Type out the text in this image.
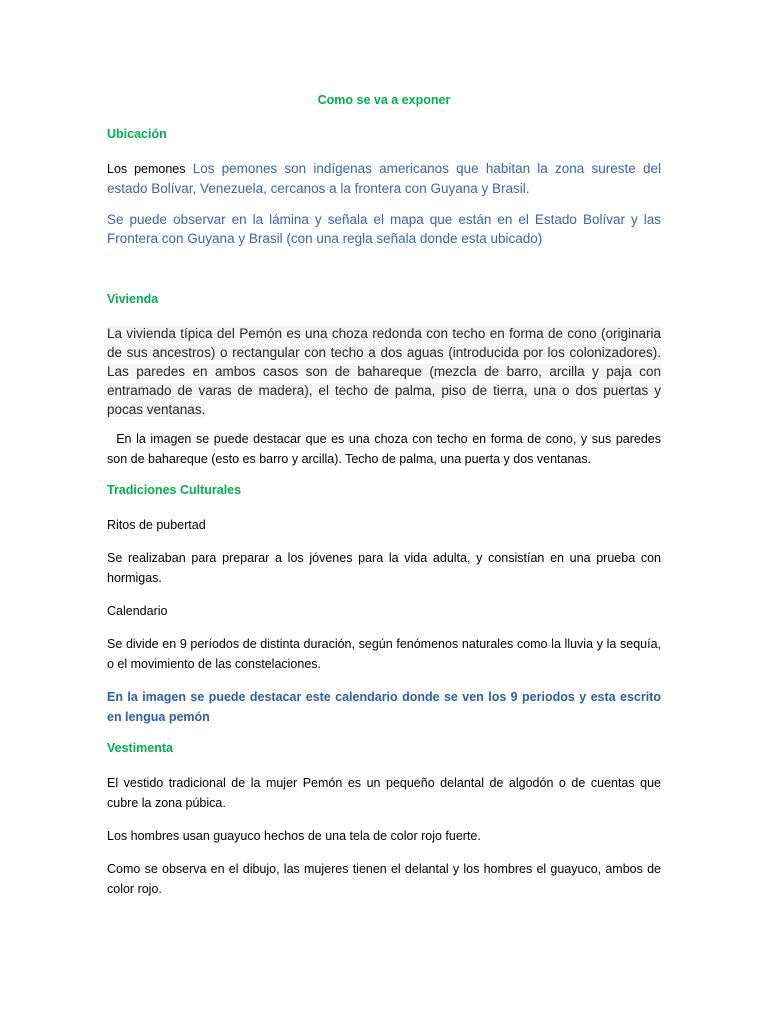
Como se va a exponer
Ubicación
Los pemones Los pemones son indígenas americanos que habitan la zona sureste del estado Bolívar, Venezuela, cercanos a la frontera con Guyana y Brasil.
Se puede observar en la lámina y señala el mapa que están en el Estado Bolívar y las Frontera con Guyana y Brasil (con una regla señala donde esta ubicado)
Vivienda
La vivienda típica del Pemón es una choza redonda con techo en forma de cono (originaria de sus ancestros) o rectangular con techo a dos aguas (introducida por los colonizadores). Las paredes en ambos casos son de bahareque (mezcla de barro, arcilla y paja con entramado de varas de madera), el techo de palma, piso de tierra, una o dos puertas y pocas ventanas.
En la imagen se puede destacar que es una choza con techo en forma de cono, y sus paredes son de bahareque (esto es barro y arcilla). Techo de palma, una puerta y dos ventanas.
Tradiciones Culturales
Ritos de pubertad
Se realizaban para preparar a los jóvenes para la vida adulta, y consistían en una prueba con hormigas.
Calendario
Se divide en 9 períodos de distinta duración, según fenómenos naturales como la lluvia y la sequía, o el movimiento de las constelaciones.
En la imagen se puede destacar este calendario donde se ven los 9 periodos y esta escrito en lengua pemón
Vestimenta
El vestido tradicional de la mujer Pemón es un pequeño delantal de algodón o de cuentas que cubre la zona púbica.
Los hombres usan guayuco hechos de una tela de color rojo fuerte.
Como se observa en el dibujo, las mujeres tienen el delantal y los hombres el guayuco, ambos de color rojo.
